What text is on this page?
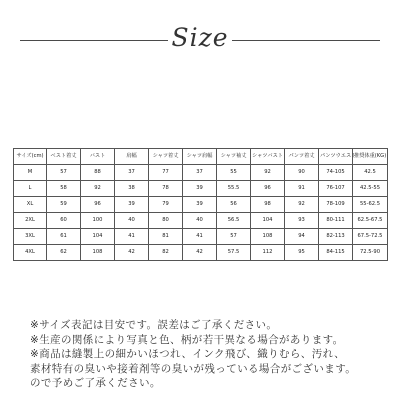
Size
サイズ(cm)	ベスト着丈	バスト	肩幅	シャツ着丈	シャツ肩幅	シャツ袖丈	シャツバスト	パンツ着丈	パンツウエスト	推奨体重(KG)
M	57	88	37	77	37	55	92	90	74-105	42.5
L	58	92	38	78	39	55.5	96	91	76-107	42.5-55
XL	59	96	39	79	39	56	98	92	78-109	55-62.5
2XL	60	100	40	80	40	56.5	104	93	80-111	62.5-67.5
3XL	61	104	41	81	41	57	108	94	82-113	67.5-72.5
4XL	62	108	42	82	42	57.5	112	95	84-115	72.5-90
※サイズ表記は目安です。誤差はご了承ください。
※生産の関係により写真と色、柄が若干異なる場合があります。
※商品は縫製上の細かいほつれ、インク飛び、織りむら、汚れ、
素材特有の臭いや接着剤等の臭いが残っている場合がございます。
ので予めご了承ください。
